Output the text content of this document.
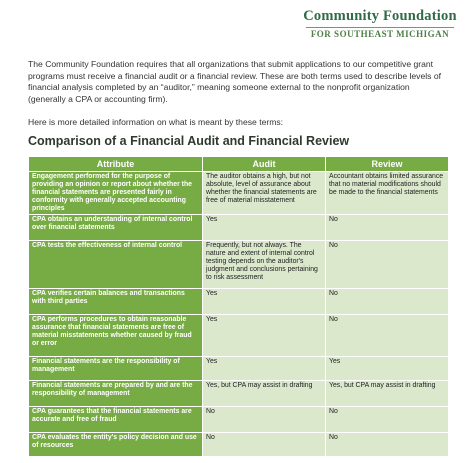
Community Foundation
FOR SOUTHEAST MICHIGAN

The Community Foundation requires that all organizations that submit applications to our competitive grant programs must receive a financial audit or a financial review. These are both terms used to describe levels of financial analysis completed by an “auditor,” meaning someone external to the nonprofit organization (generally a CPA or accounting firm).

Here is more detailed information on what is meant by these terms:

Comparison of a Financial Audit and Financial Review
Attribute	Audit	Review
Engagement performed for the purpose of providing an opinion or report about whether the financial statements are presented fairly in conformity with generally accepted accounting principles	The auditor obtains a high, but not absolute, level of assurance about whether the financial statements are free of material misstatement	Accountant obtains limited assurance that no material modifications should be made to the financial statements
CPA obtains an understanding of internal control over financial statements	Yes	No
CPA tests the effectiveness of internal control	Frequently, but not always. The nature and extent of internal control testing depends on the auditor's judgment and conclusions pertaining to risk assessment	No
CPA verifies certain balances and transactions with third parties	Yes	No
CPA performs procedures to obtain reasonable assurance that financial statements are free of material misstatements whether caused by fraud or error	Yes	No
Financial statements are the responsibility of management	Yes	Yes
Financial statements are prepared by and are the responsibility of management	Yes, but CPA may assist in drafting	Yes, but CPA may assist in drafting
CPA guarantees that the financial statements are accurate and free of fraud	No	No
CPA evaluates the entity's policy decision and use of resources	No	No
